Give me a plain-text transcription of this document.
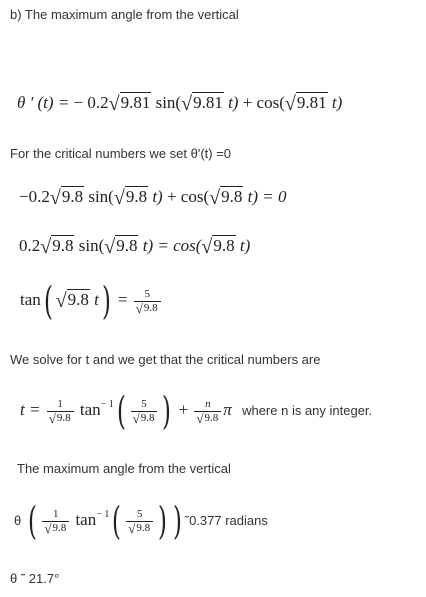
b) The maximum angle from the vertical
θ ' (t) = − 0.2√9.81 sin(√9.81 t) + cos(√9.81 t)
For the critical numbers we set θ'(t) =0
−0.2√9.8 sin(√9.8 t) + cos(√9.8 t) = 0
0.2√9.8 sin(√9.8 t) = cos(√9.8 t)
tan( √9.8 $t) = \frac{5}{√9.8}$
We solve for t and we get that the critical numbers are
$t = \frac{1}{√9.8} \tan^{- 1}( \frac{5}{√9.8}$ ) + $\frac{n}{√9.8}$ π where n is any integer.
The maximum angle from the vertical
θ ( $\frac{1}{√9.8} \tan^{- 1}( \frac{5}{√9.8}$ ) ) ˜0.377 radians
θ ˜ 21.7°
